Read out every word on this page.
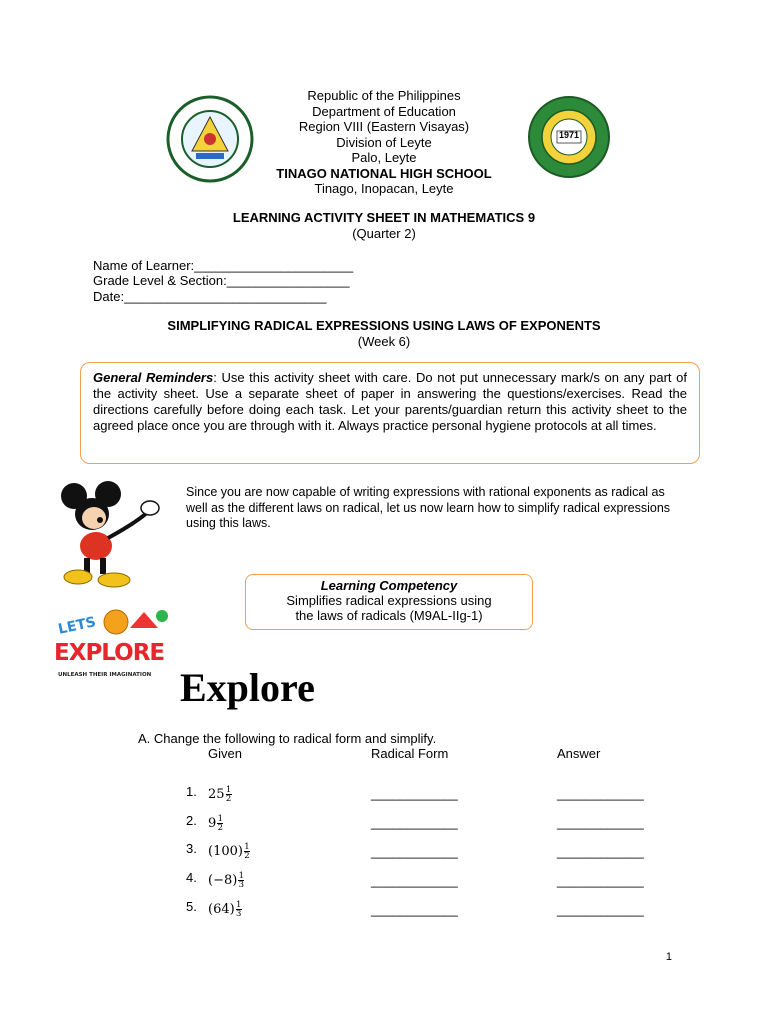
1971
Republic of the Philippines
Department of Education
Region VIII (Eastern Visayas)
Division of Leyte
Palo, Leyte
TINAGO NATIONAL HIGH SCHOOL
Tinago, Inopacan, Leyte
LEARNING ACTIVITY SHEET IN MATHEMATICS 9
(Quarter 2)
Name of Learner:______________________
Grade Level & Section:_________________
Date:____________________________
SIMPLIFYING RADICAL EXPRESSIONS USING LAWS OF EXPONENTS
(Week 6)
General Reminders: Use this activity sheet with care. Do not put unnecessary mark/s on any part of the activity sheet. Use a separate sheet of paper in answering the questions/exercises. Read the directions carefully before doing each task. Let your parents/guardian return this activity sheet to the agreed place once you are through with it. Always practice personal hygiene protocols at all times.
Since you are now capable of writing expressions with rational exponents as radical as well as the different laws on radical, let us now learn how to simplify radical expressions using this laws.
Learning Competency
Simplifies radical expressions using
the laws of radicals (M9AL-IIg-1)
LETS
EXPLORE
UNLEASH THEIR IMAGINATION Explore
A. Change the following to radical form and simplify.
Given	Radical Form	Answer
1. $25 \frac{1}{2}$	____________	____________
2. $9 \frac{1}{2}$	____________	____________
3. $(100) \frac{1}{2}$	____________	____________
4. $(-8) \frac{1}{3}$	____________	____________
5. $(64) \frac{1}{3}$	____________	____________
1
